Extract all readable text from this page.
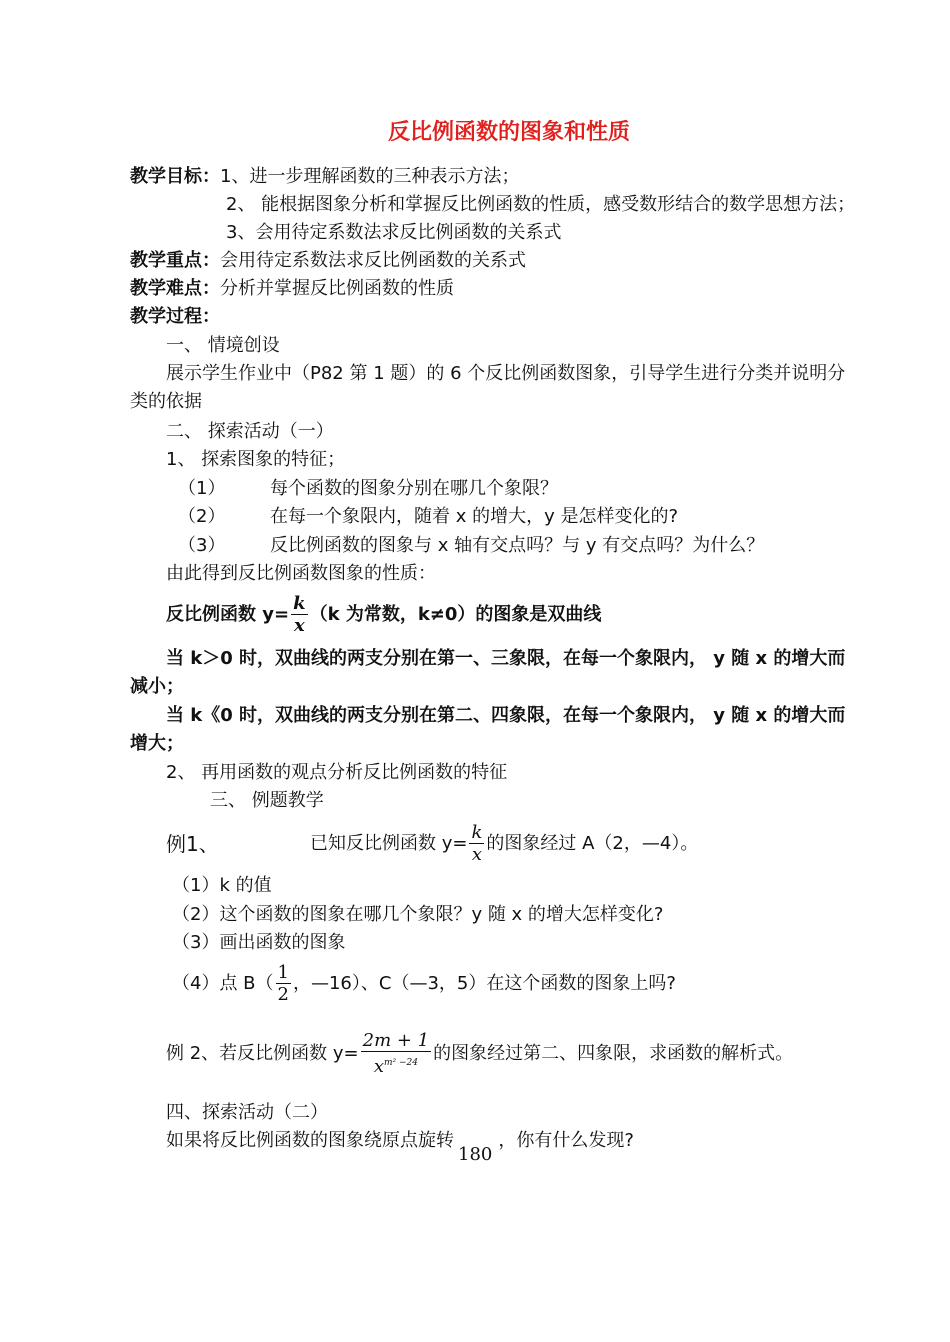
反比例函数的图象和性质
教学目标：1、进一步理解函数的三种表示方法；
2、 能根据图象分析和掌握反比例函数的性质，感受数形结合的数学思想方法；
3、会用待定系数法求反比例函数的关系式
教学重点：会用待定系数法求反比例函数的关系式
教学难点：分析并掌握反比例函数的性质
教学过程：
一、 情境创设
展示学生作业中（P82 第 1 题）的 6 个反比例函数图象，引导学生进行分类并说明分
类的依据
二、 探索活动（一）
1、 探索图象的特征；
（1） 每个函数的图象分别在哪几个象限？
（2） 在每一个象限内，随着 x 的增大，y 是怎样变化的?
（3） 反比例函数的图象与 x 轴有交点吗？与 y 有交点吗？为什么？
由此得到反比例函数图象的性质：
反比例函数 $y= \frac{k}{x} (k$ 为常数，k≠0）的图象是双曲线
当 k＞0 时，双曲线的两支分别在第一、三象限，在每一个象限内， y 随 x 的增大而
减小；
当 k《0 时，双曲线的两支分别在第二、四象限，在每一个象限内， y 随 x 的增大而
增大；
2、 再用函数的观点分析反比例函数的特征
三、 例题教学
例1、	已知反比例函数 $y= \frac{k}{x}$ 的图象经过 A（2，—4）。
（1）k 的值
（2）这个函数的图象在哪几个象限？y 随 x 的增大怎样变化?
（3）画出函数的图象
（4）点 $B( \frac{1}{2}$ ，—16）、C（—3，5）在这个函数的图象上吗?
例 2、若反比例函数 $y= \frac{2m + 1}{x^{m^2 -24}}$ 的图象经过第二、四象限，求函数的解析式。
四、探索活动（二）
如果将反比例函数的图象绕原点旋转180，你有什么发现?
